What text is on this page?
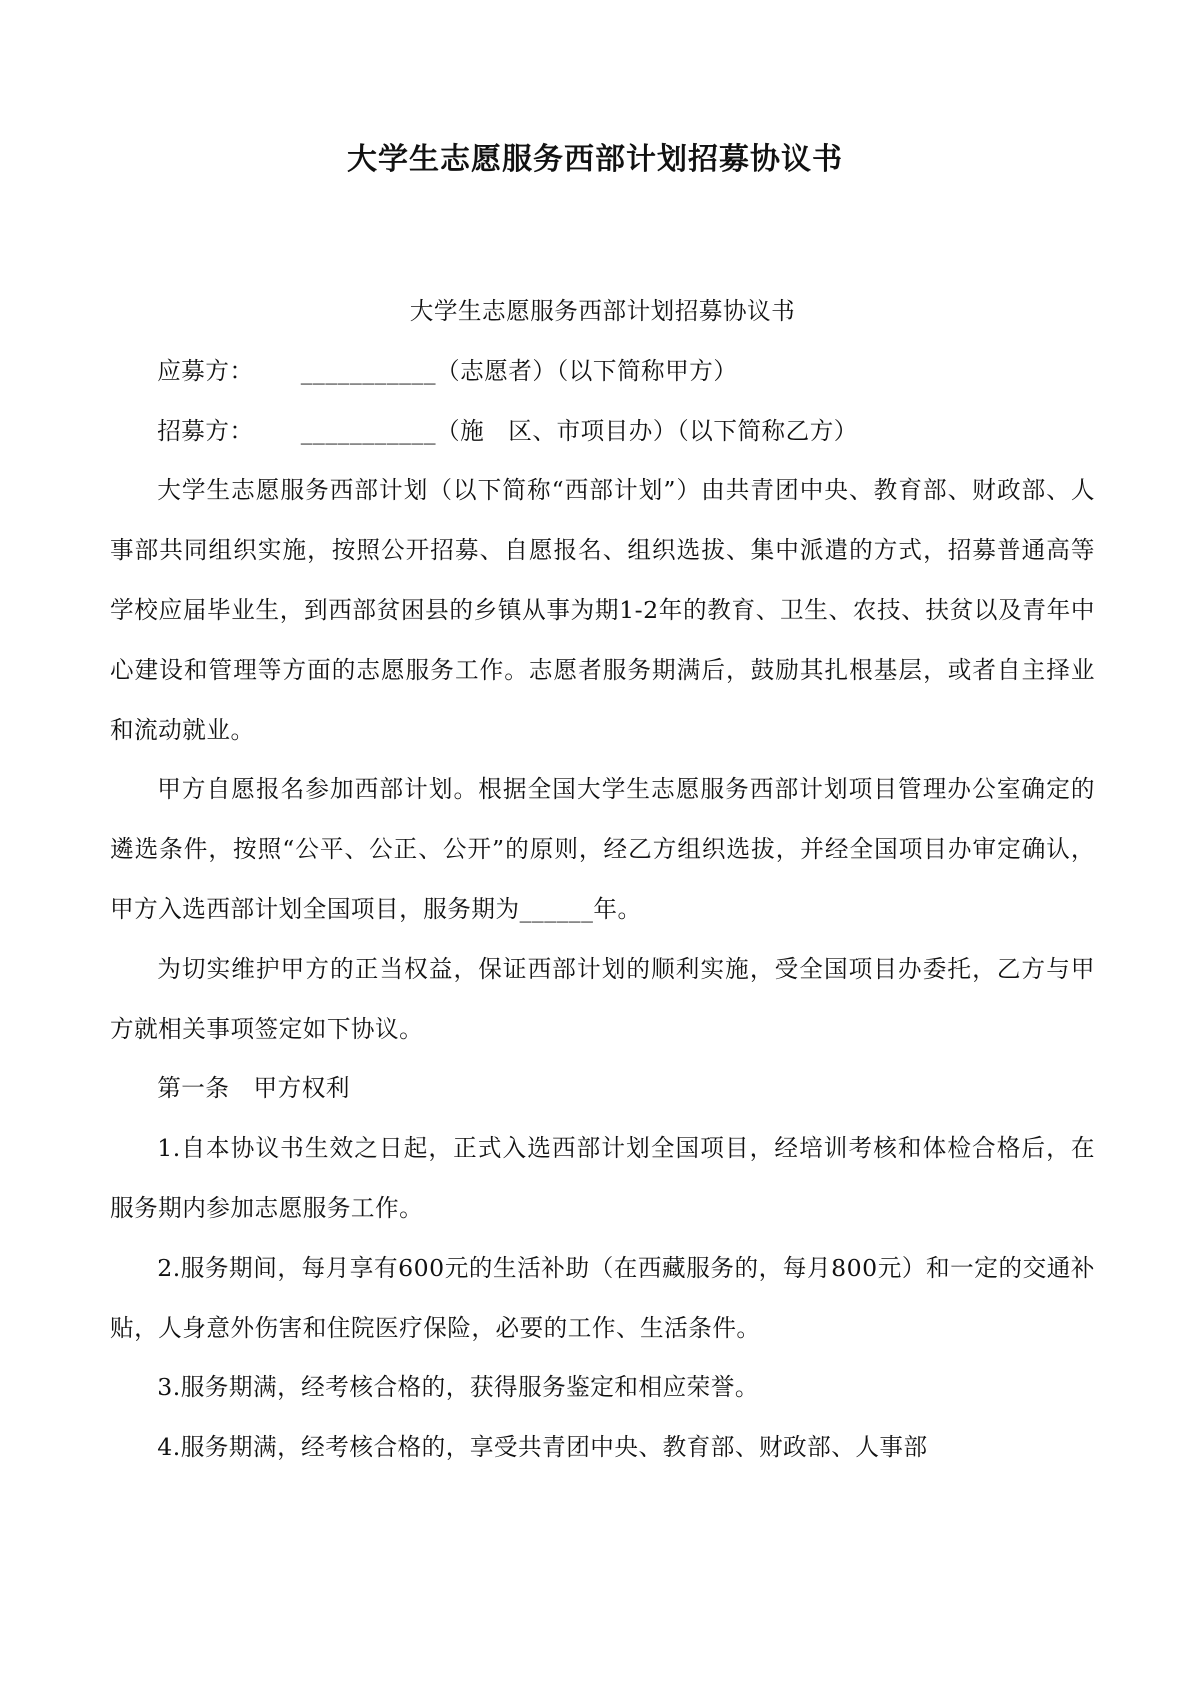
大学生志愿服务西部计划招募协议书

大学生志愿服务西部计划招募协议书

应募方： ___________（志愿者）（以下简称甲方）

招募方： ___________（施　区、市项目办）（以下简称乙方）

大学生志愿服务西部计划（以下简称“西部计划”）由共青团中央、教育部、财政部、人事部共同组织实施，按照公开招募、自愿报名、组织选拔、集中派遣的方式，招募普通高等学校应届毕业生，到西部贫困县的乡镇从事为期1-2年的教育、卫生、农技、扶贫以及青年中心建设和管理等方面的志愿服务工作。志愿者服务期满后，鼓励其扎根基层，或者自主择业和流动就业。

甲方自愿报名参加西部计划。根据全国大学生志愿服务西部计划项目管理办公室确定的遴选条件，按照“公平、公正、公开”的原则，经乙方组织选拔，并经全国项目办审定确认，甲方入选西部计划全国项目，服务期为______年。

为切实维护甲方的正当权益，保证西部计划的顺利实施，受全国项目办委托，乙方与甲方就相关事项签定如下协议。

第一条　甲方权利

1.自本协议书生效之日起，正式入选西部计划全国项目，经培训考核和体检合格后，在服务期内参加志愿服务工作。

2.服务期间，每月享有600元的生活补助（在西藏服务的，每月800元）和一定的交通补贴，人身意外伤害和住院医疗保险，必要的工作、生活条件。

3.服务期满，经考核合格的，获得服务鉴定和相应荣誉。

4.服务期满，经考核合格的，享受共青团中央、教育部、财政部、人事部
